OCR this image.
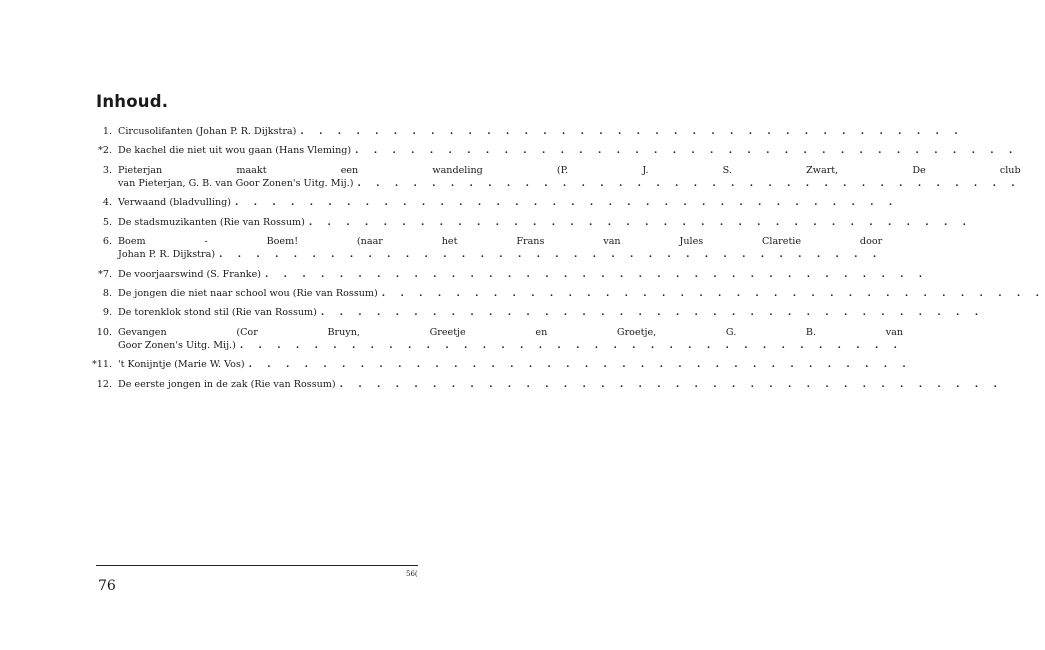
Inhoud.
1. Circusolifanten (Johan P. R. Dijkstra) . . . . . . . . . . . . . . . . . . . . . . . . . . . . . . . . . . . .
*2. De kachel die niet uit wou gaan (Hans Vleming) . . . . . . . . . . . . . . . . . . . . . . . . . . . . . . . . . . . .
3. Pieterjan maakt een wandeling (P. J. S. Zwart, De club
van Pieterjan, G. B. van Goor Zonen's Uitg. Mij.) . . . . . . . . . . . . . . . . . . . . . . . . . . . . . . . . . . . .
4. Verwaand (bladvulling) . . . . . . . . . . . . . . . . . . . . . . . . . . . . . . . . . . . .
5. De stadsmuzikanten (Rie van Rossum) . . . . . . . . . . . . . . . . . . . . . . . . . . . . . . . . . . . .
6. Boem - Boem! (naar het Frans van Jules Claretie door
Johan P. R. Dijkstra) . . . . . . . . . . . . . . . . . . . . . . . . . . . . . . . . . . . .
*7. De voorjaarswind (S. Franke) . . . . . . . . . . . . . . . . . . . . . . . . . . . . . . . . . . . .
8. De jongen die niet naar school wou (Rie van Rossum) . . . . . . . . . . . . . . . . . . . . . . . . . . . . . . . . . . . .
9. De torenklok stond stil (Rie van Rossum) . . . . . . . . . . . . . . . . . . . . . . . . . . . . . . . . . . . .
10. Gevangen (Cor Bruyn, Greetje en Groetje, G. B. van
Goor Zonen's Uitg. Mij.) . . . . . . . . . . . . . . . . . . . . . . . . . . . . . . . . . . . .
*11. 't Konijntje (Marie W. Vos) . . . . . . . . . . . . . . . . . . . . . . . . . . . . . . . . . . . .
12. De eerste jongen in de zak (Rie van Rossum) . . . . . . . . . . . . . . . . . . . . . . . . . . . . . . . . . . . .
76
56(
